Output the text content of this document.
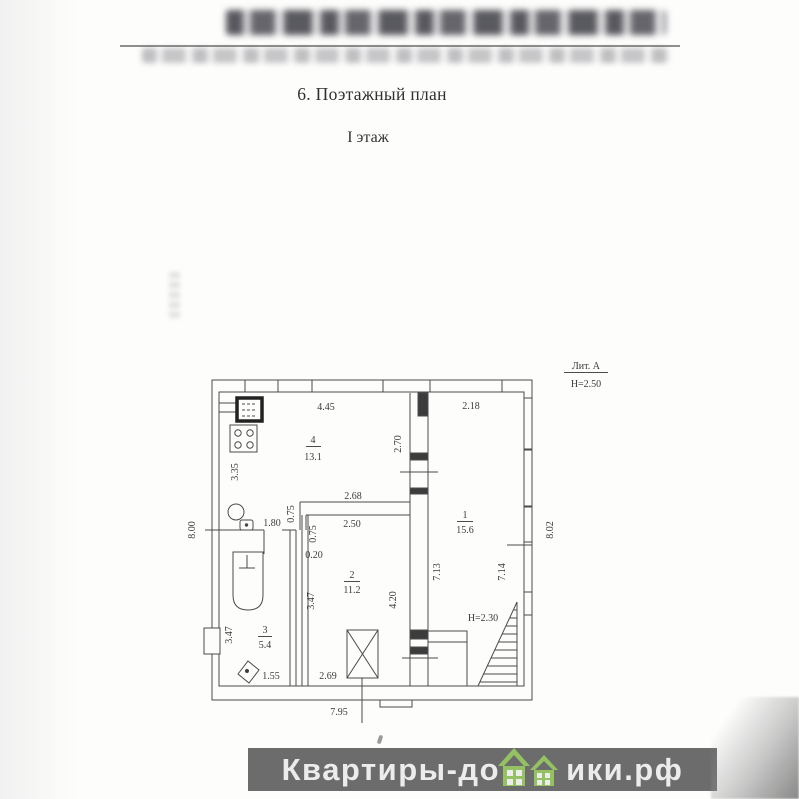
6. Поэтажный план
I этаж
4.45	2.18
2.70
3.35
2.68
0.75
1.80	2.50
0.75
0.20
7.13	7.14
4.20
3.47
3.47
1.55	2.69
7.95
8.00	8.02
Н=2.30
1
15.6
2
11.2
3
5.4
4
13.1
Лит. А
Н=2.50
Квартиры-до ики.рф
